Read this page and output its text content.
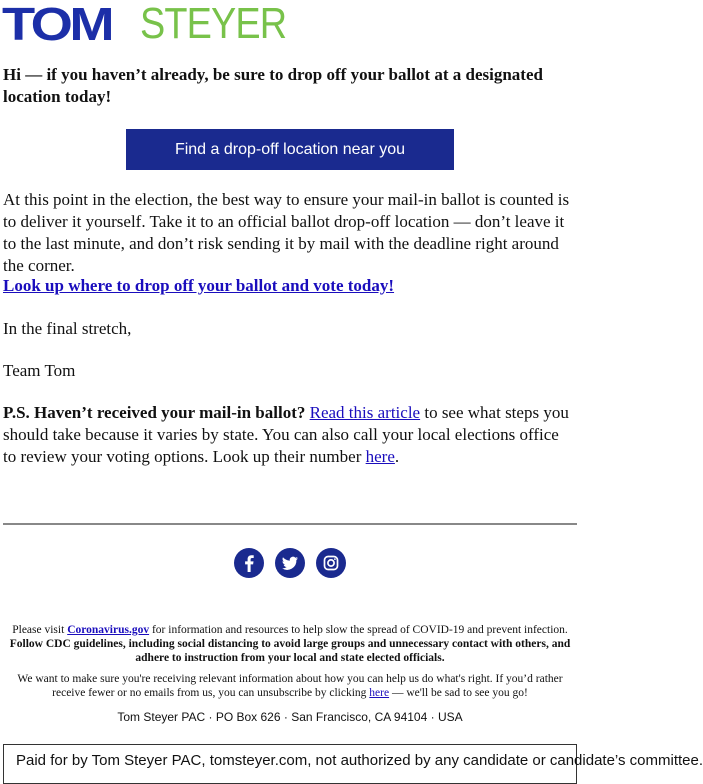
TOM STEYER
Hi — if you haven’t already, be sure to drop off your ballot at a designated location today!
Find a drop-off location near you
At this point in the election, the best way to ensure your mail-in ballot is counted is to deliver it yourself. Take it to an official ballot drop-off location — don’t leave it to the last minute, and don’t risk sending it by mail with the deadline right around the corner.
Look up where to drop off your ballot and vote today!
In the final stretch,
Team Tom
P.S. Haven’t received your mail-in ballot? Read this article to see what steps you should take because it varies by state. You can also call your local elections office to review your voting options. Look up their number here.
Please visit Coronavirus.gov for information and resources to help slow the spread of COVID-19 and prevent infection.
Follow CDC guidelines, including social distancing to avoid large groups and unnecessary contact with others, and adhere to instruction from your local and state elected officials.
We want to make sure you're receiving relevant information about how you can help us do what's right. If you’d rather receive fewer or no emails from us, you can unsubscribe by clicking here — we'll be sad to see you go!
Tom Steyer PAC · PO Box 626 · San Francisco, CA 94104 · USA
Paid for by Tom Steyer PAC, tomsteyer.com, not authorized by any candidate or candidate’s committee.
